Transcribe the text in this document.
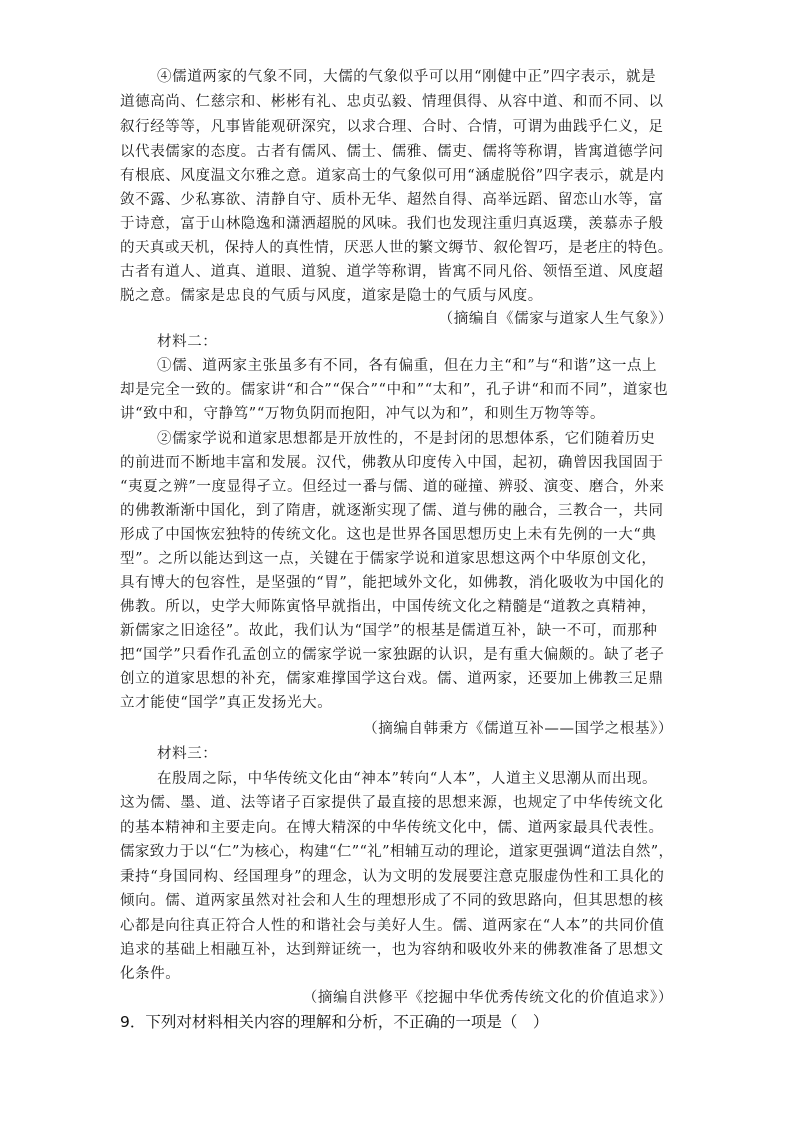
④儒道两家的气象不同，大儒的气象似乎可以用“刚健中正”四字表示，就是
道德高尚、仁慈宗和、彬彬有礼、忠贞弘毅、情理俱得、从容中道、和而不同、以
叙行经等等，凡事皆能观研深究，以求合理、合时、合情，可谓为曲践乎仁义，足
以代表儒家的态度。古者有儒风、儒士、儒雅、儒吏、儒将等称谓，皆寓道德学问
有根底、风度温文尔雅之意。道家高士的气象似可用“涵虚脱俗”四字表示，就是内
敛不露、少私寡欲、清静自守、质朴无华、超然自得、高举远蹈、留恋山水等，富
于诗意，富于山林隐逸和潇洒超脱的风味。我们也发现注重归真返璞，羡慕赤子般
的天真或天机，保持人的真性情，厌恶人世的繁文缛节、叙伦智巧，是老庄的特色。
古者有道人、道真、道眼、道貌、道学等称谓，皆寓不同凡俗、领悟至道、风度超
脱之意。儒家是忠良的气质与风度，道家是隐士的气质与风度。
（摘编自《儒家与道家人生气象》）
材料二：
①儒、道两家主张虽多有不同，各有偏重，但在力主“和”与“和谐”这一点上
却是完全一致的。儒家讲“和合”“保合”“中和”“太和”，孔子讲“和而不同”，道家也
讲“致中和，守静笃”“万物负阴而抱阳，冲气以为和”，和则生万物等等。
②儒家学说和道家思想都是开放性的，不是封闭的思想体系，它们随着历史
的前进而不断地丰富和发展。汉代，佛教从印度传入中国，起初，确曾因我国固于
“夷夏之辨”一度显得孑立。但经过一番与儒、道的碰撞、辨驳、演变、磨合，外来
的佛教渐渐中国化，到了隋唐，就逐渐实现了儒、道与佛的融合，三教合一，共同
形成了中国恢宏独特的传统文化。这也是世界各国思想历史上未有先例的一大“典
型”。之所以能达到这一点，关键在于儒家学说和道家思想这两个中华原创文化，
具有博大的包容性，是坚强的“胃”，能把域外文化，如佛教，消化吸收为中国化的
佛教。所以，史学大师陈寅恪早就指出，中国传统文化之精髓是“道教之真精神，
新儒家之旧途径”。故此，我们认为“国学”的根基是儒道互补，缺一不可，而那种
把“国学”只看作孔孟创立的儒家学说一家独踞的认识，是有重大偏颇的。缺了老子
创立的道家思想的补充，儒家难撑国学这台戏。儒、道两家，还要加上佛教三足鼎
立才能使“国学”真正发扬光大。
（摘编自韩秉方《儒道互补——国学之根基》）
材料三：
在殷周之际，中华传统文化由“神本”转向“人本”，人道主义思潮从而出现。
这为儒、墨、道、法等诸子百家提供了最直接的思想来源，也规定了中华传统文化
的基本精神和主要走向。在博大精深的中华传统文化中，儒、道两家最具代表性。
儒家致力于以“仁”为核心，构建“仁”“礼”相辅互动的理论，道家更强调“道法自然”，
秉持“身国同构、经国理身”的理念，认为文明的发展要注意克服虚伪性和工具化的
倾向。儒、道两家虽然对社会和人生的理想形成了不同的致思路向，但其思想的核
心都是向往真正符合人性的和谐社会与美好人生。儒、道两家在“人本”的共同价值
追求的基础上相融互补，达到辩证统一，也为容纳和吸收外来的佛教准备了思想文
化条件。
（摘编自洪修平《挖掘中华优秀传统文化的价值追求》）
9．下列对材料相关内容的理解和分析，不正确的一项是（　）
